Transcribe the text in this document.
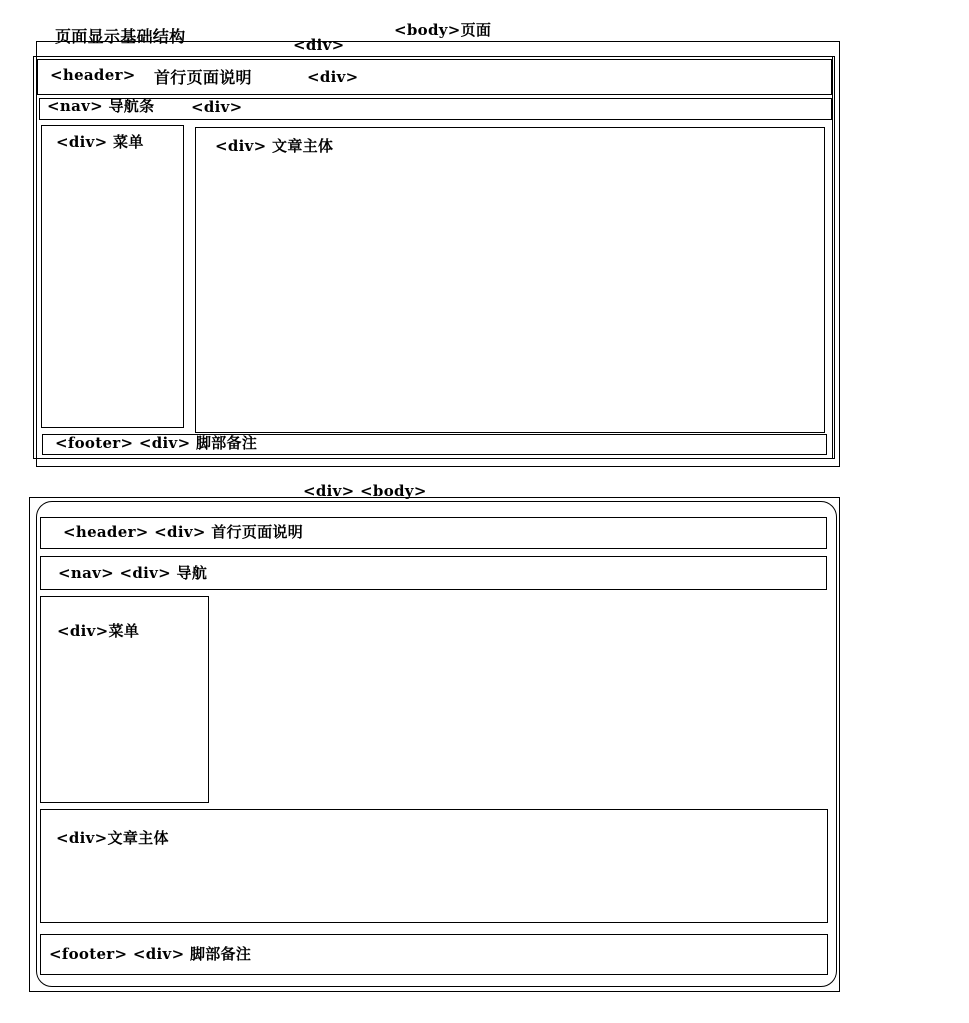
页面显示基础结构	<body>页面
<div>
<header> 首行页面说明	<div>
<nav> 导航条 <div>
<div> 菜单	<div> 文章主体
<footer> <div> 脚部备注
<div> <body>
<header> <div> 首行页面说明
<nav> <div> 导航
<div>菜单
<div>文章主体
<footer> <div> 脚部备注
